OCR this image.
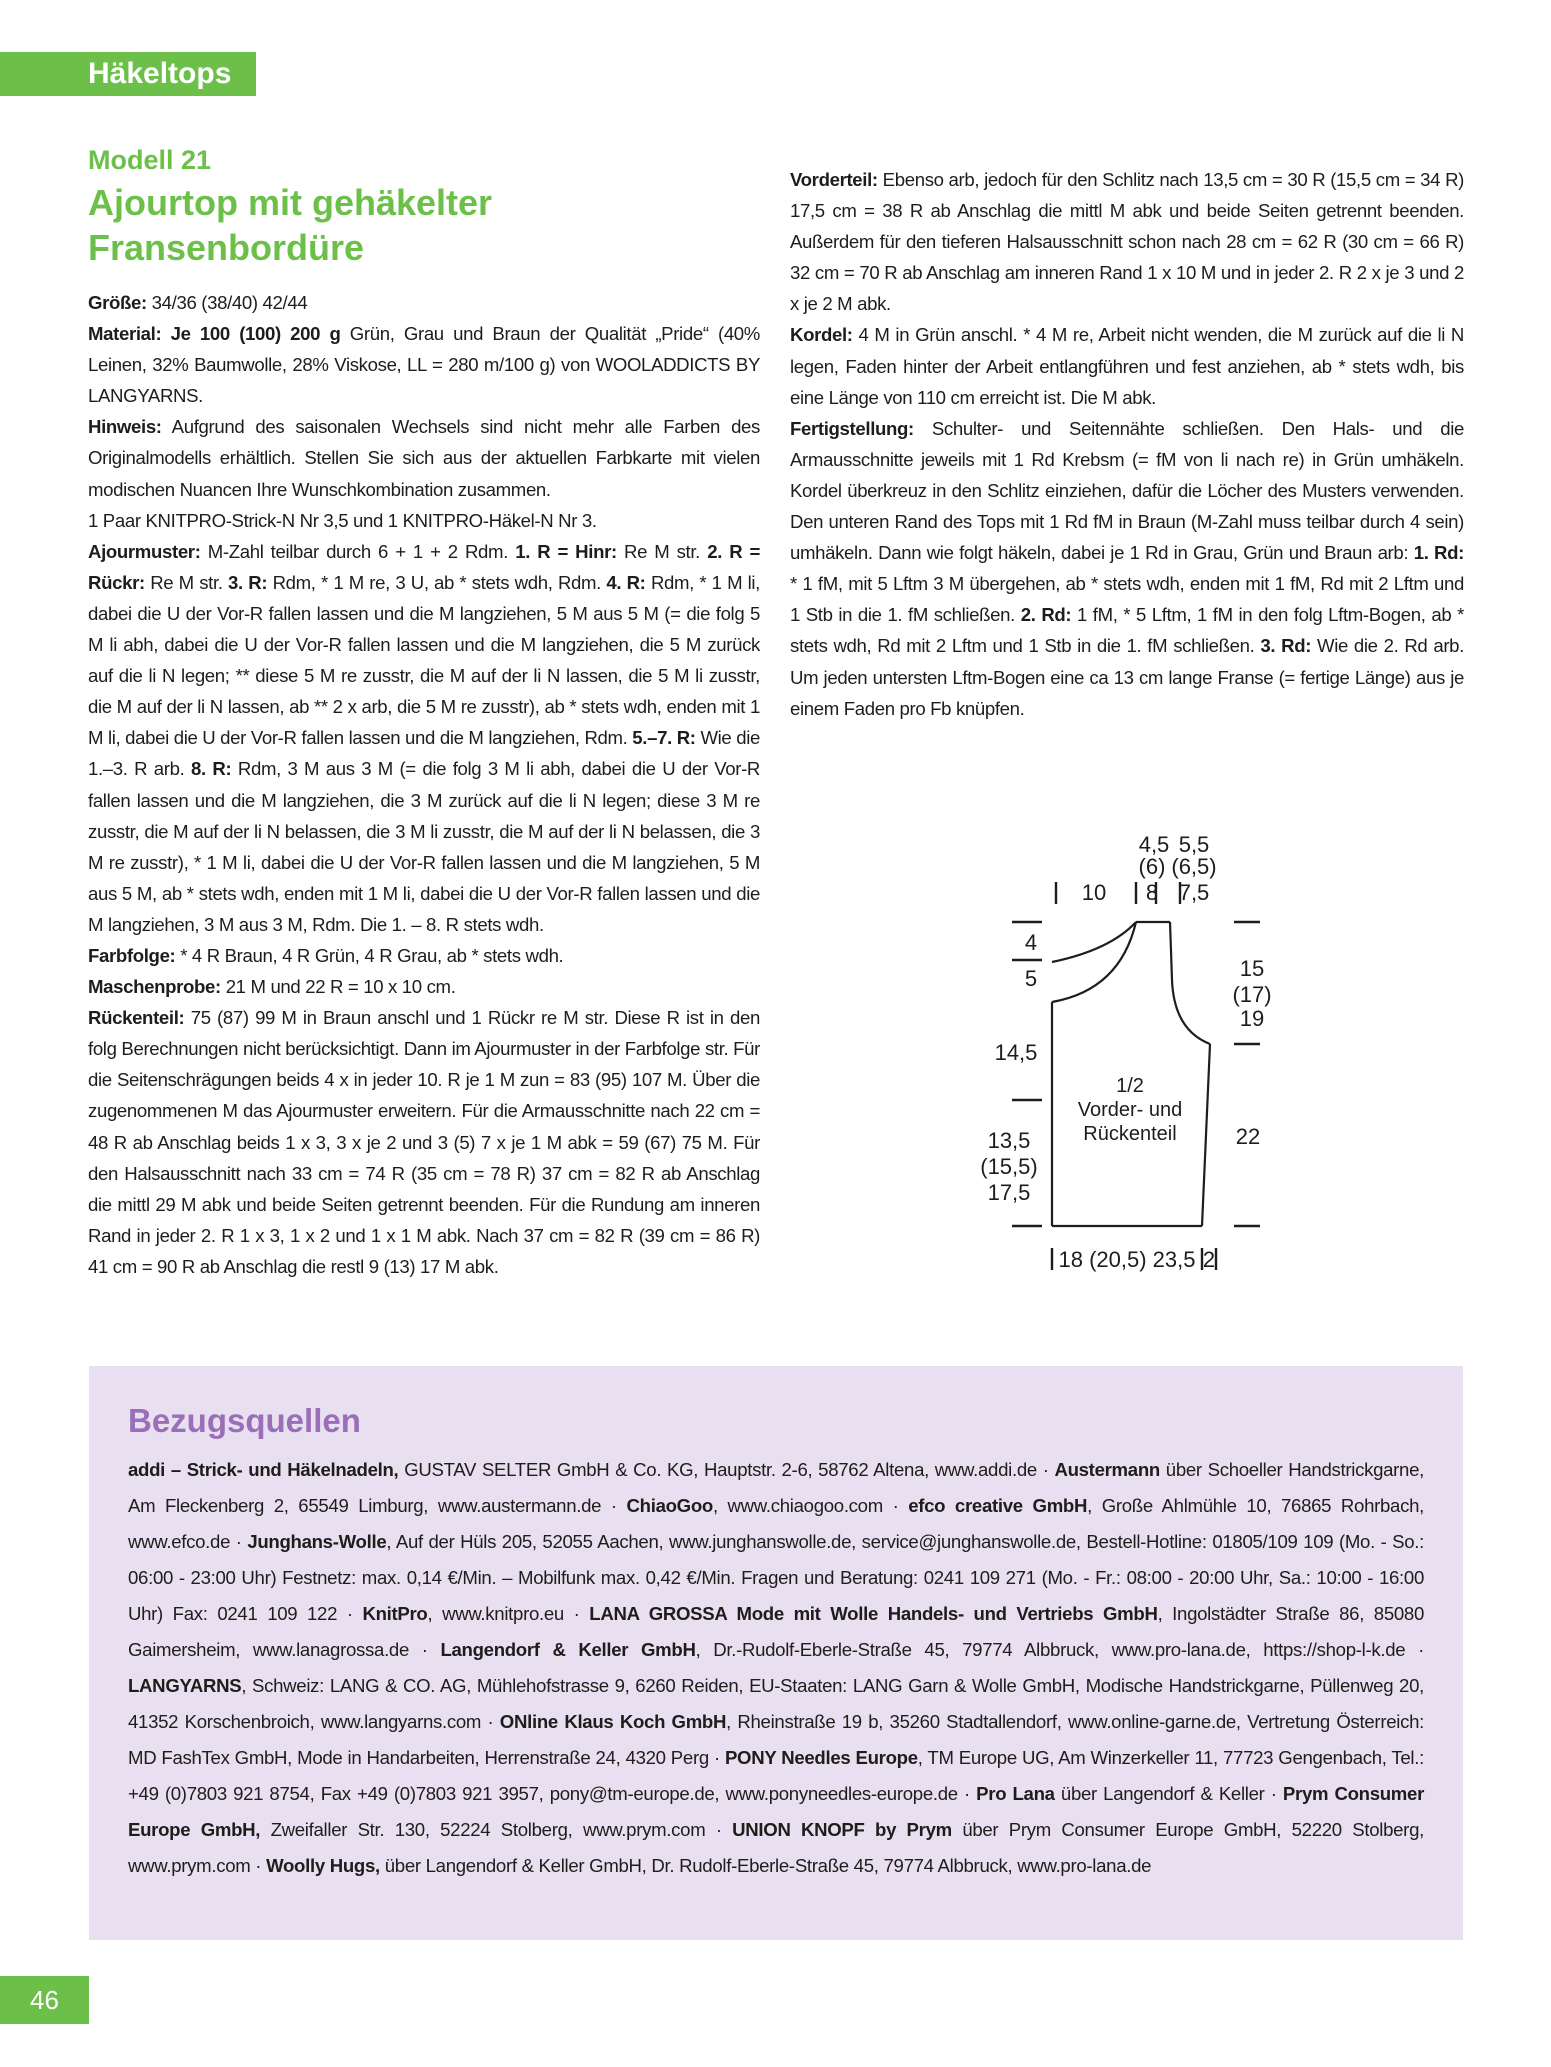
Häkeltops
Modell 21
Ajourtop mit gehäkelter
Fransenbordüre

Größe: 34/36 (38/40) 42/44

Material: Je 100 (100) 200 g Grün, Grau und Braun der Qualität „Pride“ (40% Leinen, 32% Baumwolle, 28% Viskose, LL = 280 m/100 g) von WOOLADDICTS BY LANGYARNS.

Hinweis: Aufgrund des saisonalen Wechsels sind nicht mehr alle Farben des Originalmodells erhältlich. Stellen Sie sich aus der aktuellen Farbkarte mit vielen modischen Nuancen Ihre Wunschkombination zusammen.

1 Paar KNITPRO-Strick-N Nr 3,5 und 1 KNITPRO-Häkel-N Nr 3.

Ajourmuster: M-Zahl teilbar durch 6 + 1 + 2 Rdm. 1. R = Hinr: Re M str. 2. R = Rückr: Re M str. 3. R: Rdm, * 1 M re, 3 U, ab * stets wdh, Rdm. 4. R: Rdm, * 1 M li, dabei die U der Vor-R fallen lassen und die M langziehen, 5 M aus 5 M (= die folg 5 M li abh, dabei die U der Vor-R fallen lassen und die M langziehen, die 5 M zurück auf die li N legen; ** diese 5 M re zusstr, die M auf der li N lassen, die 5 M li zusstr, die M auf der li N lassen, ab ** 2 x arb, die 5 M re zusstr), ab * stets wdh, enden mit 1 M li, dabei die U der Vor-R fallen lassen und die M langziehen, Rdm. 5.–7. R: Wie die 1.–3. R arb. 8. R: Rdm, 3 M aus 3 M (= die folg 3 M li abh, dabei die U der Vor-R fallen lassen und die M langziehen, die 3 M zurück auf die li N legen; diese 3 M re zusstr, die M auf der li N belassen, die 3 M li zusstr, die M auf der li N belassen, die 3 M re zusstr), * 1 M li, dabei die U der Vor-R fallen lassen und die M langziehen, 5 M aus 5 M, ab * stets wdh, enden mit 1 M li, dabei die U der Vor-R fallen lassen und die M langziehen, 3 M aus 3 M, Rdm. Die 1. – 8. R stets wdh.

Farbfolge: * 4 R Braun, 4 R Grün, 4 R Grau, ab * stets wdh.

Maschenprobe: 21 M und 22 R = 10 x 10 cm.

Rückenteil: 75 (87) 99 M in Braun anschl und 1 Rückr re M str. Diese R ist in den folg Berechnungen nicht berücksichtigt. Dann im Ajourmuster in der Farbfolge str. Für die Seitenschrägungen beids 4 x in jeder 10. R je 1 M zun = 83 (95) 107 M. Über die zugenommenen M das Ajourmuster erweitern. Für die Armausschnitte nach 22 cm = 48 R ab Anschlag beids 1 x 3, 3 x je 2 und 3 (5) 7 x je 1 M abk = 59 (67) 75 M. Für den Halsausschnitt nach 33 cm = 74 R (35 cm = 78 R) 37 cm = 82 R ab Anschlag die mittl 29 M abk und beide Seiten getrennt beenden. Für die Rundung am inneren Rand in jeder 2. R 1 x 3, 1 x 2 und 1 x 1 M abk. Nach 37 cm = 82 R (39 cm = 86 R) 41 cm = 90 R ab Anschlag die restl 9 (13) 17 M abk.

Vorderteil: Ebenso arb, jedoch für den Schlitz nach 13,5 cm = 30 R (15,5 cm = 34 R) 17,5 cm = 38 R ab Anschlag die mittl M abk und beide Seiten getrennt beenden. Außerdem für den tieferen Halsausschnitt schon nach 28 cm = 62 R (30 cm = 66 R) 32 cm = 70 R ab Anschlag am inneren Rand 1 x 10 M und in jeder 2. R 2 x je 3 und 2 x je 2 M abk.

Kordel: 4 M in Grün anschl. * 4 M re, Arbeit nicht wenden, die M zurück auf die li N legen, Faden hinter der Arbeit entlangführen und fest anziehen, ab * stets wdh, bis eine Länge von 110 cm erreicht ist. Die M abk.

Fertigstellung: Schulter- und Seitennähte schließen. Den Hals- und die Armausschnitte jeweils mit 1 Rd Krebsm (= fM von li nach re) in Grün umhäkeln. Kordel überkreuz in den Schlitz einziehen, dafür die Löcher des Musters verwenden. Den unteren Rand des Tops mit 1 Rd fM in Braun (M-Zahl muss teilbar durch 4 sein) umhäkeln. Dann wie folgt häkeln, dabei je 1 Rd in Grau, Grün und Braun arb: 1. Rd: * 1 fM, mit 5 Lftm 3 M übergehen, ab * stets wdh, enden mit 1 fM, Rd mit 2 Lftm und 1 Stb in die 1. fM schließen. 2. Rd: 1 fM, * 5 Lftm, 1 fM in den folg Lftm-Bogen, ab * stets wdh, Rd mit 2 Lftm und 1 Stb in die 1. fM schließen. 3. Rd: Wie die 2. Rd arb. Um jeden untersten Lftm-Bogen eine ca 13 cm lange Franse (= fertige Länge) aus je einem Faden pro Fb knüpfen.

4,5 5,5
(6) (6,5)
10 8 7,5
4
5
14,5
13,5
(15,5)
17,5
15
(17)
19
22
1/2
Vorder- und
Rückenteil
18 (20,5) 23,5 2
Bezugsquellen
addi – Strick- und Häkelnadeln, GUSTAV SELTER GmbH & Co. KG, Hauptstr. 2-6, 58762 Altena, www.addi.de · Austermann über Schoeller Handstrickgarne, Am Fleckenberg 2, 65549 Limburg, www.austermann.de · ChiaoGoo, www.chiaogoo.com · efco creative GmbH, Große Ahlmühle 10, 76865 Rohrbach, www.efco.de · Junghans-Wolle, Auf der Hüls 205, 52055 Aachen, www.junghanswolle.de, service@junghanswolle.de, Bestell-Hotline: 01805/109 109 (Mo. - So.: 06:00 - 23:00 Uhr) Festnetz: max. 0,14 €/Min. – Mobilfunk max. 0,42 €/Min. Fragen und Beratung: 0241 109 271 (Mo. - Fr.: 08:00 - 20:00 Uhr, Sa.: 10:00 - 16:00 Uhr) Fax: 0241 109 122 · KnitPro, www.knitpro.eu · LANA GROSSA Mode mit Wolle Handels- und Vertriebs GmbH, Ingolstädter Straße 86, 85080 Gaimersheim, www.lanagrossa.de · Langendorf & Keller GmbH, Dr.-Rudolf-Eberle-Straße 45, 79774 Albbruck, www.pro-lana.de, https://shop-l-k.de · LANGYARNS, Schweiz: LANG & CO. AG, Mühlehofstrasse 9, 6260 Reiden, EU-Staaten: LANG Garn & Wolle GmbH, Modische Handstrickgarne, Püllenweg 20, 41352 Korschenbroich, www.langyarns.com · ONline Klaus Koch GmbH, Rheinstraße 19 b, 35260 Stadtallendorf, www.online-garne.de, Vertretung Österreich: MD FashTex GmbH, Mode in Handarbeiten, Herrenstraße 24, 4320 Perg · PONY Needles Europe, TM Europe UG, Am Winzerkeller 11, 77723 Gengenbach, Tel.: +49 (0)7803 921 8754, Fax +49 (0)7803 921 3957, pony@tm-europe.de, www.ponyneedles-europe.de · Pro Lana über Langendorf & Keller · Prym Consumer Europe GmbH, Zweifaller Str. 130, 52224 Stolberg, www.prym.com · UNION KNOPF by Prym über Prym Consumer Europe GmbH, 52220 Stolberg, www.prym.com · Woolly Hugs, über Langendorf & Keller GmbH, Dr. Rudolf-Eberle-Straße 45, 79774 Albbruck, www.pro-lana.de
46
